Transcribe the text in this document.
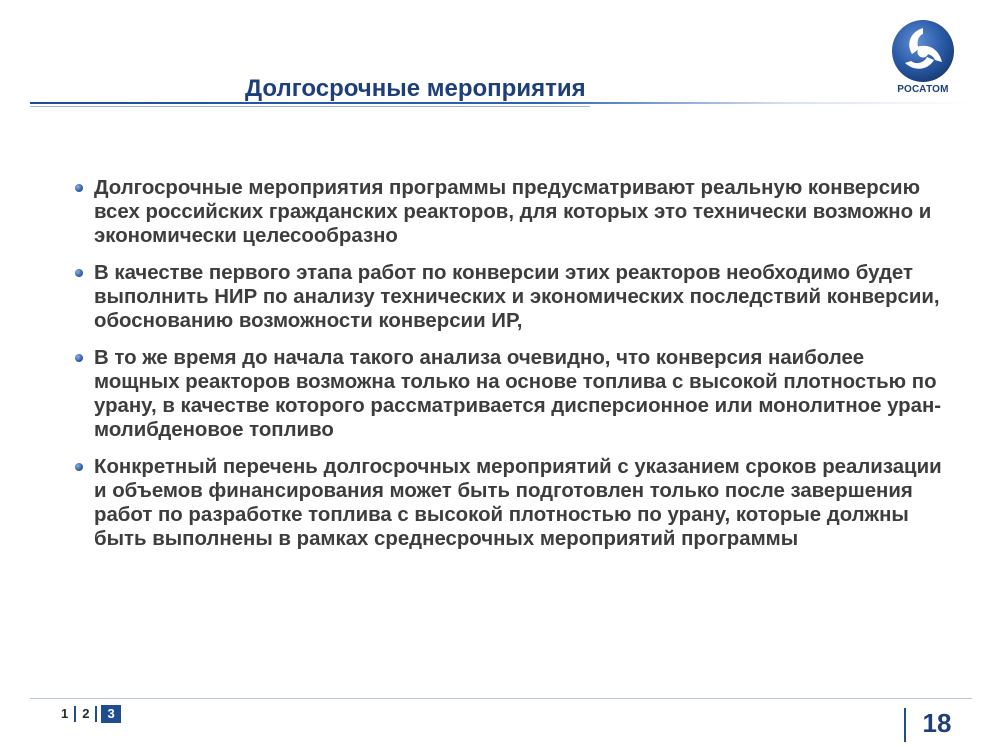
Долгосрочные мероприятия	РОСАТОМ

Долгосрочные мероприятия программы предусматривают реальную конверсию всех российских гражданских реакторов, для которых это технически возможно и экономически целесообразно

В качестве первого этапа работ по конверсии этих реакторов необходимо будет выполнить НИР по анализу технических и экономических последствий конверсии, обоснованию возможности конверсии ИР,

В то же время до начала такого анализа очевидно, что конверсия наиболее мощных реакторов возможна только на основе топлива с высокой плотностью по урану, в качестве которого рассматривается дисперсионное или монолитное уран-молибденовое топливо

Конкретный перечень долгосрочных мероприятий с указанием сроков реализации и объемов финансирования может быть подготовлен только после завершения работ по разработке топлива с высокой плотностью по урану, которые должны быть выполнены в рамках среднесрочных мероприятий программы

1	2	3	18
